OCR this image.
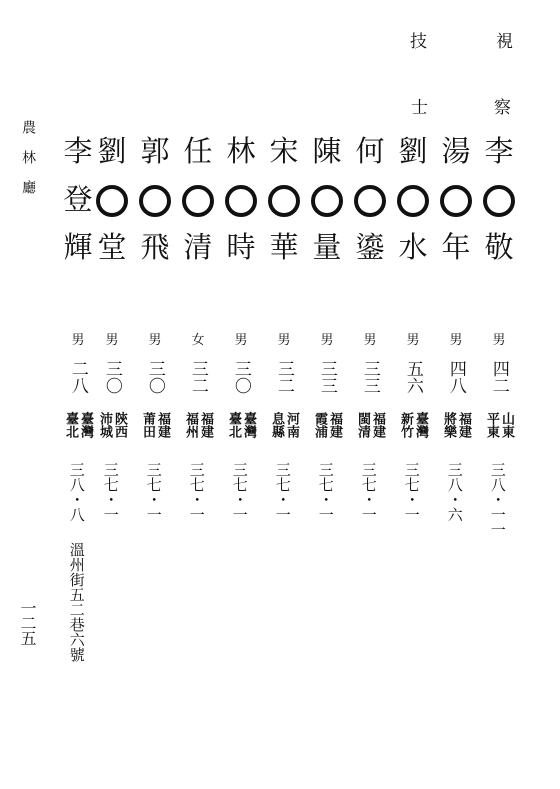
視
技
農林廳
一二五
李
敬
男
四二
山東
平東
三八・一一
湯
年
男
四八
福建
將樂
三八・六
劉
水
男
五六
臺灣
新竹
三七・一
何
鎏
男
三三
福建
閩清
三七・一
陳
量
男
三三
福建
霞浦
三七・一
宋
華
男
三二
河南
息縣
三七・一
林
時
男
三〇
臺灣
臺北
三七・一
任
清
女
三二
福建
福州
三七・一
郭
飛
男
三〇
福建
莆田
三七・一
劉
堂
男
三〇
陝西
沛城
三七・一
李
登
輝
男
二八
臺灣
臺北
三八・八
溫州街五二巷六號
察
士
